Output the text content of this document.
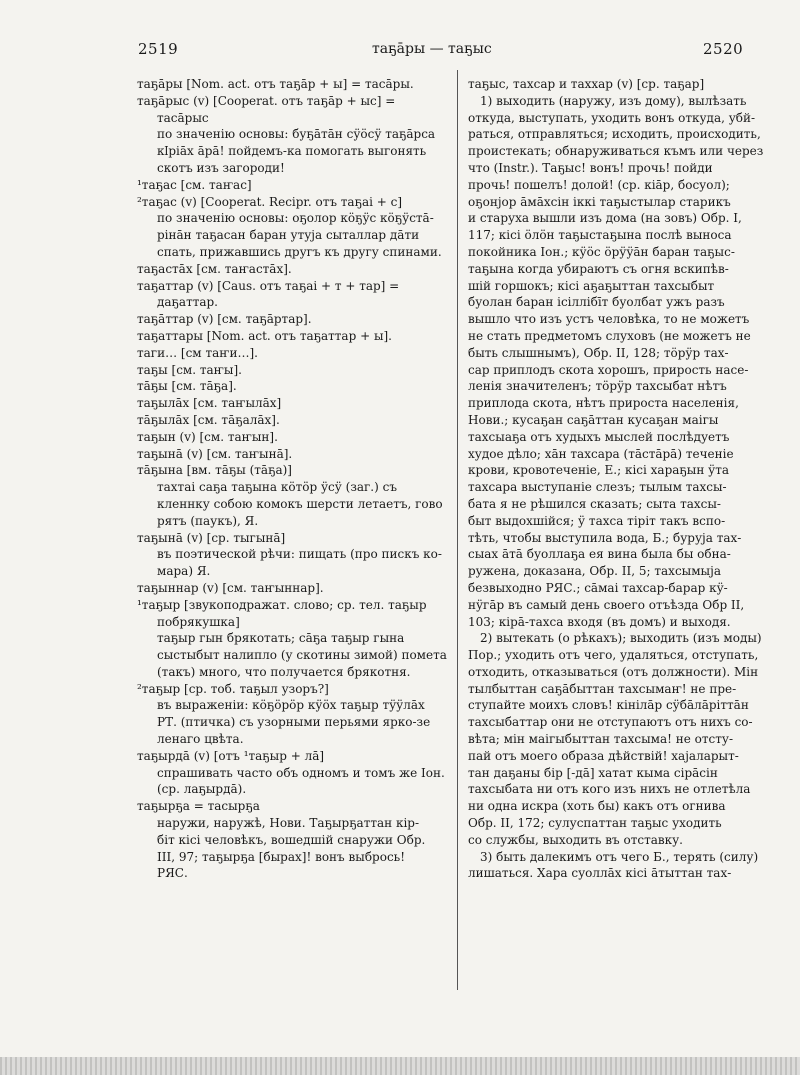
2519	таҕāры — таҕыс	2520
таҕāры [Nom. act. отъ таҕāр + ы] = тасāры.
таҕāрыс (v) [Cooperat. отъ таҕāр + ыс] =
тасāрыс
по значенію основы: буҕāтāн сӱӧсӱ таҕāрса
кӏріāх āрā! пойдемъ-ка помогать выгонять
скотъ изъ загороди!
¹таҕас [см. таҥас]
²таҕас (v) [Cooperat. Recipr. отъ таҕаі + с]
по значенію основы: оҕолор кӧҕӱс кӧҕӱстā-
рінāн таҕасан баран утуја сыталлар дāти
спать, прижавшись другъ къ другу спинами.
таҕастāх [см. таҥастāх].
таҕаттар (v) [Caus. отъ таҕаі + т + тар] =
даҕаттар.
таҕāттар (v) [см. таҕāртар].
таҕаттары [Nom. act. отъ таҕаттар + ы].
таги… [см таҥи…].
таҕы [см. таҥы].
тāҕы [см. тāҕа].
таҕылāх [см. таҥылāх]
тāҕылāх [см. тāҕалāх].
таҕын (v) [см. таҥын].
таҕынā (v) [см. таҥынā].
тāҕына [вм. тāҕы (тāҕа)]
тахтаі саҕа таҕына кӧтӧр ӱсӱ (заг.) съ
кленнку собою комокъ шерсти летаетъ, гово
рятъ (паукъ), Я.
таҕынā (v) [ср. тыгынā]
въ поэтической рѣчи: пищать (про пискъ ко-
мара) Я.
таҕыннар (v) [см. таҥыннар].
¹таҕыр [звукоподражат. слово; ср. тел. таҕыр
побрякушка]
таҕыр гын брякотать; сāҕа таҕыр гына
сыстыбыт налипло (у скотины зимой) помета
(такъ) много, что получается брякотня.
²таҕыр [ср. тоб. таҕыл узоръ?]
въ выраженіи: кӧҕӧрӧр кӱӧх таҕыр тӱӱлāх
РТ. (птичка) съ узорными перьями ярко-зе
ленаго цвѣта.
таҕырдā (v) [отъ ¹таҕыр + лā]
спрашивать часто объ одномъ и томъ же Іон.
(ср. лаҕырдā).
таҕырҕа = тасырҕа
наружи, наружѣ, Нови. Таҕырҕаттан кір-
біт кісі человѣкъ, вошедшій снаружи Обр.
III, 97; таҕырҕа [бырах]! вонъ выбрось!
РЯС.
таҕыс, тахсар и таххар (v) [ср. таҕар]
1) выходить (наружу, изъ дому), вылѣзать
откуда, выступать, уходить вонъ откуда, убй-
раться, отправляться; исходить, происходить,
проистекать; обнаруживаться къмъ или через
что (Instr.). Таҕыс! вонъ! прочь! пойди
прочь! пошелъ! долой! (ср. кіāр, босуол);
оҕонјор āмāхсін іккі таҕыстылар старикъ
и старуха вышли изъ дома (на зовъ) Обр. I,
117; кісі ӧлӧн таҕыстаҕына послѣ выноса
покойника Іон.; кӱӧс ӧрӱӱāн баран таҕыс-
таҕына когда убираютъ съ огня вскипѣв-
шій горшокъ; кісі аҕаҕыттан тахсыбыт
буолан баран ісіллібīт буолбат ужъ разъ
вышло что изъ устъ человѣка, то не можетъ
не стать предметомъ слуховъ (не можетъ не
быть слышнымъ), Обр. II, 128; тӧрӱр тах-
сар приплодъ скота хорошъ, прирость насе-
ленія значителенъ; тӧрӱр тахсыбат нѣтъ
приплода скота, нѣтъ прироста населенія,
Нови.; кусаҕан саҕāттан кусаҕан маігы
тахсыаҕа отъ худыхъ мыслей послѣдуетъ
худое дѣло; хāн тахсара (тāстāрā) теченіе
крови, кровотеченіе, Е.; кісі хараҕын ӱта
тахсара выступаніе слезъ; тылым тахсы-
бата я не рѣшился сказать; сыта тахсы-
быт выдохшійся; ӱ тахса тіріт такъ вспо-
тѣть, чтобы выступила вода, Б.; буруја тах-
сыах āтā буоллаҕа ея вина была бы обна-
ружена, доказана, Обр. II, 5; тахсымыја
безвыходно РЯС.; сāмаі тахсар-барар кӱ-
нӱгāр въ самый день своего отъѣзда Обр II,
103; кірā-тахса входя (въ домъ) и выходя.
2) вытекать (о рѣкахъ); выходить (изъ моды)
Пор.; уходить отъ чего, удаляться, отступать,
отходить, отказываться (отъ должности). Мін
тылбыттан саҕāбыттан тахсымаҥ! не пре-
ступайте моихъ словъ! кінілāр сӱбāлāріттāн
тахсыбаттар они не отступаютъ отъ нихъ со-
вѣта; мін маігыбыттан тахсыма! не отсту-
пай отъ моего образа дѣйствій! хајаларыт-
тан даҕаны бір [-дā] хатат кыма сірāсін
тахсыбата ни отъ кого изъ нихъ не отлетѣла
ни одна искра (хоть бы) какъ отъ огнива
Обр. II, 172; сулуспаттан таҕыс уходить
со службы, выходить въ отставку.
3) быть далекимъ отъ чего Б., терять (силу)
лишаться. Хара суоллāх кісі āтыттан тах-
